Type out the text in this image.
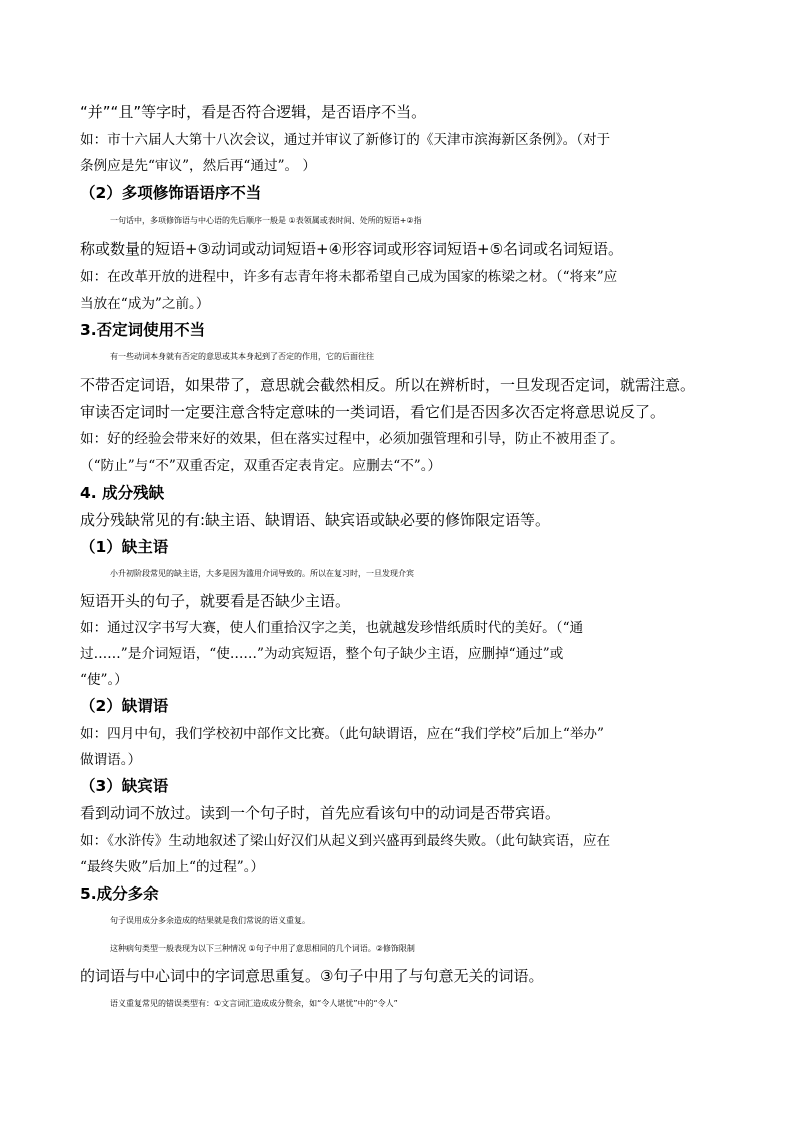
“并”“且”等字时，看是否符合逻辑，是否语序不当。
如：市十六届人大第十八次会议，通过并审议了新修订的《天津市滨海新区条例》。（对于
条例应是先“审议”，然后再“通过”。 ）
（2）多项修饰语语序不当
一句话中，多项修饰语与中心语的先后顺序一般是 ①表领属或表时间、处所的短语+②指
称或数量的短语+③动词或动词短语+④形容词或形容词短语+⑤名词或名词短语。
如：在改革开放的进程中，许多有志青年将未都希望自己成为国家的栋梁之材。（“将来”应
当放在“成为”之前。）
3.否定词使用不当
有一些动词本身就有否定的意思或其本身起到了否定的作用，它的后面往往
不带否定词语，如果带了，意思就会截然相反。所以在辨析时，一旦发现否定词，就需注意。
审读否定词时一定要注意含特定意味的一类词语，看它们是否因多次否定将意思说反了。
如：好的经验会带来好的效果，但在落实过程中，必须加强管理和引导，防止不被用歪了。
（“防止”与“不”双重否定，双重否定表肯定。应删去“不”。）
4. 成分残缺
成分残缺常见的有:缺主语、缺谓语、缺宾语或缺必要的修饰限定语等。
（1）缺主语
小升初阶段常见的缺主语，大多是因为滥用介词导致的。所以在复习时，一旦发现介宾
短语开头的句子，就要看是否缺少主语。
如：通过汉字书写大赛，使人们重拾汉字之美，也就越发珍惜纸质时代的美好。（“通
过……”是介词短语，“使……”为动宾短语，整个句子缺少主语，应删掉“通过”或
“使”。）
（2）缺谓语
如：四月中旬，我们学校初中部作文比赛。（此句缺谓语，应在“我们学校”后加上“举办”
做谓语。）
（3）缺宾语
看到动词不放过。读到一个句子时，首先应看该句中的动词是否带宾语。
如：《水浒传》生动地叙述了梁山好汉们从起义到兴盛再到最终失败。（此句缺宾语，应在
“最终失败”后加上“的过程”。）
5.成分多余
句子误用成分多余造成的结果就是我们常说的语义重复。
这种病句类型一般表现为以下三种情况 ①句子中用了意思相同的几个词语。②修饰限制
的词语与中心词中的字词意思重复。③句子中用了与句意无关的词语。
语义重复常见的错误类型有：①文言词汇造成成分赘余，如“令人堪忧”中的“令人”
